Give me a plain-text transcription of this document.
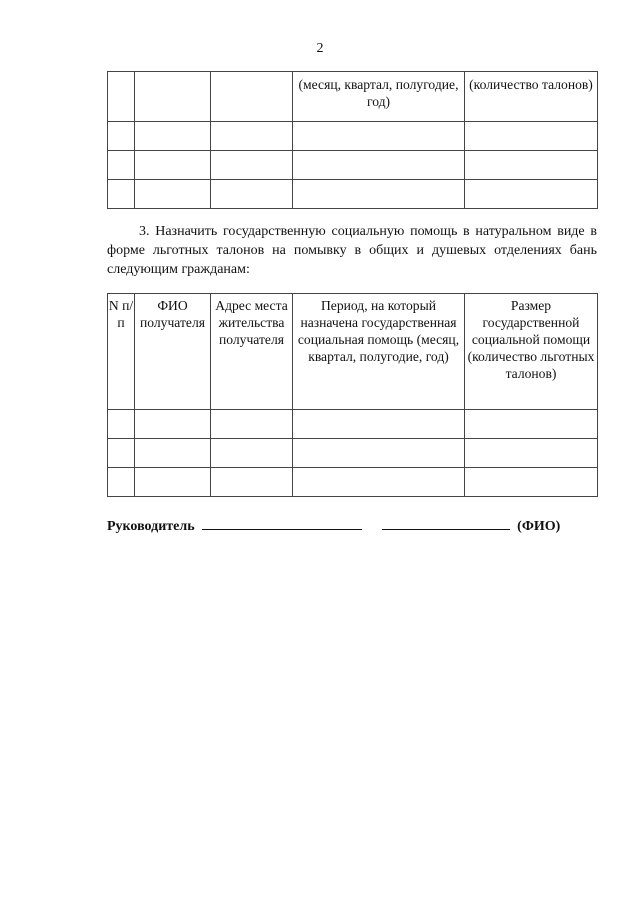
2
			(месяц, квартал, полугодие, год)	(количество талонов)

3. Назначить государственную социальную помощь в натуральном виде в форме льготных талонов на помывку в общих и душевых отделениях бань следующим гражданам:

N п/п	ФИО получателя	Адрес места жительства получателя	Период, на который назначена государственная социальная помощь (месяц, квартал, полугодие, год)	Размер государственной социальной помощи (количество льготных талонов)

Руководитель	(ФИО)
